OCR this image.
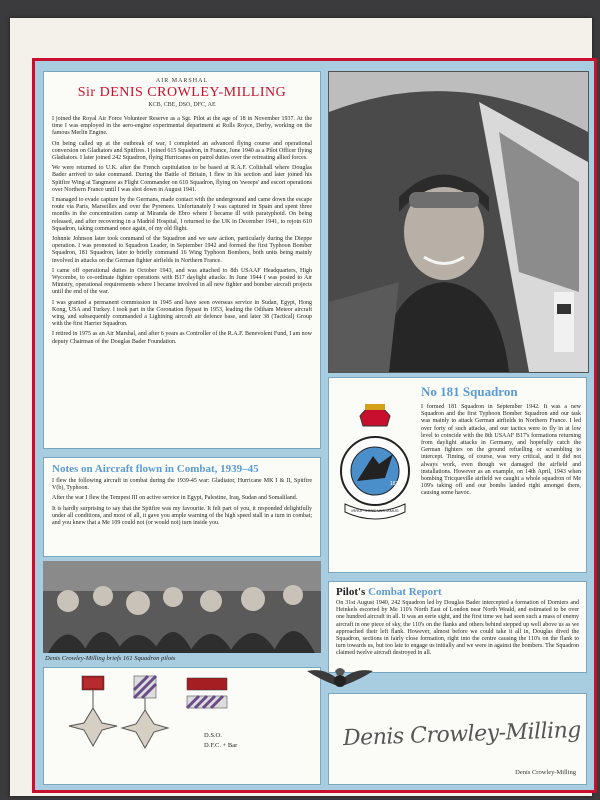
AIR MARSHAL
Sir DENIS CROWLEY-MILLING
KCB, CBE, DSO, DFC, AE

I joined the Royal Air Force Volunteer Reserve as a Sgt. Pilot at the age of 18 in November 1937. At the time I was employed in the aero-engine experimental department at Rolls Royce, Derby, working on the famous Merlin Engine.

On being called up at the outbreak of war, I completed an advanced flying course and operational conversion on Gladiators and Spitfires. I joined 615 Squadron, in France, June 1940 as a Pilot Officer flying Gladiators. I later joined 242 Squadron, flying Hurricanes on patrol duties over the retreating allied forces.

We were returned to U.K. after the French capitulation to be based at R.A.F. Coltishall where Douglas Bader arrived to take command. During the Battle of Britain, I flew in his section and later joined his Spitfire Wing at Tangmere as Flight Commander on 610 Squadron, flying on 'sweeps' and escort operations over Northern France until I was shot down in August 1941.

I managed to evade capture by the Germans, made contact with the underground and came down the escape route via Paris, Marseilles and over the Pyrenees. Unfortunately I was captured in Spain and spent three months in the concentration camp at Miranda de Ebro where I became ill with paratyphoid. On being released, and after recovering in a Madrid Hospital, I returned to the UK in December 1941, to rejoin 610 Squadron, taking command once again, of my old flight.

Johnnie Johnson later took command of the Squadron and we saw action, particularly during the Dieppe operation. I was promoted to Squadron Leader, in September 1942 and formed the first Typhoon Bomber Squadron, 181 Squadron, later to briefly command 16 Wing Typhoon Bombers, both units being mainly involved in attacks on the German fighter airfields in Northern France.

I came off operational duties in October 1943, and was attached to 8th USAAF Headquarters, High Wycombe, to co-ordinate fighter operations with B17 daylight attacks. In June 1944 I was posted to Air Ministry, operational requirements where I became involved in all new fighter and bomber aircraft projects until the end of the war.

I was granted a permanent commission in 1945 and have seen overseas service in Sudan, Egypt, Hong Kong, USA and Turkey. I took part in the Coronation flypast in 1953, leading the Odiham Meteor aircraft wing, and subsequently commanded a Lightning aircraft air defence base, and later 38 (Tactical) Group with the first Harrier Squadron.

I retired in 1975 as an Air Marshal, and after 6 years as Controller of the R.A.F. Benevolent Fund, I am now deputy Chairman of the Douglas Bader Foundation.

181
IRRUPTIONE VASTAMUS
No 181 Squadron

I formed 181 Squadron in September 1942. It was a new Squadron and the first Typhoon Bomber Squadron and our task was mainly to attack German airfields in Northern France. I led over forty of such attacks, and our tactics were to fly in at low level to coincide with the 8th USAAF B17's formations returning from daylight attacks in Germany, and hopefully catch the German fighters on the ground refuelling or scrambling to intercept. Timing, of course, was very critical, and it did not always work, even though we damaged the airfield and installations. However as an example, on 14th April, 1943 when bombing Tricqueville airfield we caught a whole squadron of Me 109's taking off and our bombs landed right amongst them, causing some havoc.

Notes on Aircraft flown in Combat, 1939–45

I flew the following aircraft in combat during the 1939-45 war: Gladiator, Hurricane MK I & II, Spitfire V(b), Typhoon.

After the war I flew the Tempest III on active service in Egypt, Palestine, Iraq, Sudan and Somaliland.

It is hardly surprising to say that the Spitfire was my favourite. It felt part of you, it responded delightfully under all conditions, and most of all, it gave you ample warning of the high speed stall in a turn in combat; and you knew that a Me 109 could not (or would not) turn inside you.

Denis Crowley-Milling briefs 161 Squadron pilots
Pilot's Combat Report

On 31st August 1940, 242 Squadron led by Douglas Bader intercepted a formation of Dorniers and Heinkels escorted by Me 110's North East of London near North Weald, and estimated to be over one hundred aircraft in all. It was an eerie sight, and the first time we had seen such a mass of enemy aircraft in one piece of sky, the 110's on the flanks and others behind stepped up well above us as we approached their left flank. However, almost before we could take it all in, Douglas dived the Squadron, sections in fairly close formation, right into the centre causing the 110's on the flank to turn towards us, but too late to engage us initially and we were in against the bombers. The Squadron claimed twelve aircraft destroyed in all.

D.S.O.
D.F.C. + Bar	Denis Crowley-Milling
Denis Crowley-Milling
